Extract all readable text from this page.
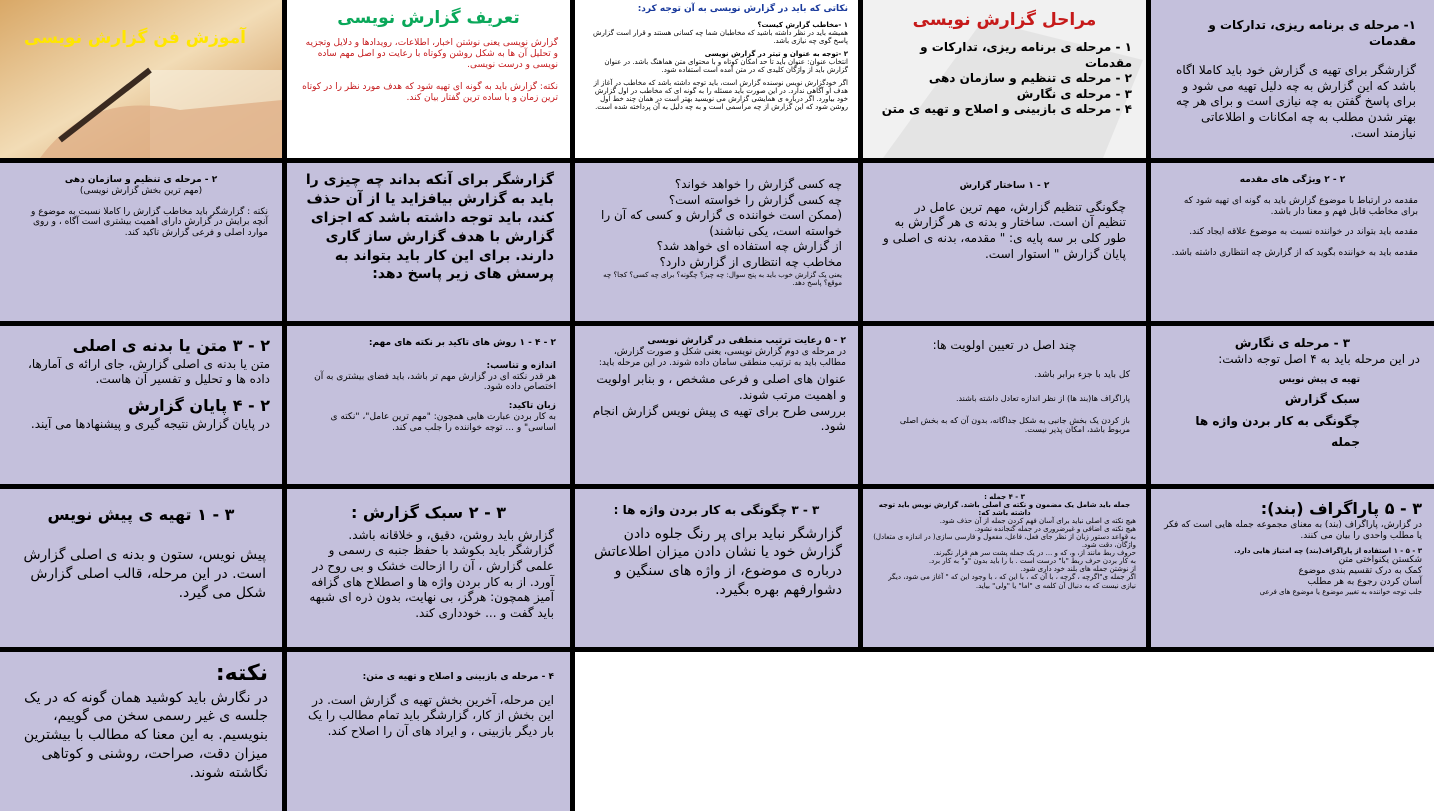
آموزش فن گزارش نویسی
تعریف گزارش نویسی

گزارش نویسی یعنی نوشتن اخبار، اطلاعات، رویدادها و دلایل وتجزیه و تحلیل آن ها به شکل روشن وکوتاه با رعایت دو اصل مهم ساده نویسی و درست نویسی.

نکته: گزارش باید به گونه ای تهیه شود که هدف مورد نظر را در کوتاه ترین زمان و با ساده ترین گفتار بیان کند.

نکاتی که باید در گزارش نویسی به آن توجه کرد:

۱ -مخاطب گزارش کیست؟

همیشه باید در نظر داشته باشید که مخاطبان شما چه کسانی هستند و قرار است گزارش پاسخ گوی چه نیازی باشد.

۲ -توجه به عنوان و تیتر در گزارش نویسی

انتخاب عنوان: عنوان باید تا حد امکان کوتاه و با محتوای متن هماهنگ باشد. در عنوان گزارش باید از واژگان کلیدی که در متن آمده است استفاده شود.

اگر خودگزارش نویس نوسنده گزارش است، باید توجه داشته باشد که مخاطب در آغاز از هدف او آگاهی ندارد. در این صورت باید مسئله را به گونه ای که مخاطب در اول گزارش خود بیاورد. اگر درباره ی همایشی گزارش می نویسید بهتر است در همان چند خط اول روشن شود که این گزارش از چه مراسمی است و به چه دلیل به آن پرداخته شده است.

مراحل گزارش نویسی

۱ - مرحله ی برنامه ریزی، تدارکات و مقدمات

۲ - مرحله ی تنظیم و سازمان دهی

۳ - مرحله ی نگارش

۴ - مرحله ی بازبینی و اصلاح و تهیه ی متن

۱- مرحله ی برنامه ریزی، تدارکات و مقدمات

گزارشگر برای تهیه ی گزارش خود باید کاملا اگاه باشد که این گزارش به چه دلیل تهیه می شود و برای پاسخ گفتن به چه نیازی است و برای هر چه بهتر شدن مطلب به چه امکانات و اطلاعاتی نیازمند است.

۲ - مرحله ی تنظیم و سازمان دهی

(مهم ترین بخش گزارش نویسی)

نکته : گزارشگر باید مخاطب گزارش را کاملا نسبت به موضوع و آنچه برایش در گزارش دارای اهمیت بیشتری است آگاه ، و روی موارد اصلی و فرعی گزارش تاکید کند.

گزارشگر برای آنکه بداند چه چیزی را باید به گزارش بیافزاید یا از آن حذف کند، باید توجه داشته باشد که اجزای گزارش با هدف گزارش ساز گاری دارند. برای این کار باید بتواند به پرسش های زیر پاسخ دهد:

چه کسی گزارش را خواهد خواند؟

چه کسی گزارش را خواسته است؟

(ممکن است خواننده ی گزارش و کسی که آن را خواسته است، یکی نباشند)

از گزارش چه استفاده ای خواهد شد؟

مخاطب چه انتظاری از گزارش دارد؟

یعنی یک گزارش خوب باید به پنج سوال: چه چیز؟ چگونه؟ برای چه کسی؟ کجا؟ چه موقع؟ پاسخ دهد.

۲ - ۱ ساختار گزارش

چگونگی تنظیم گزارش، مهم ترین عامل در تنظیم آن است. ساختار و بدنه ی هر گزارش به طور کلی بر سه پایه ی: " مقدمه، بدنه ی اصلی و پایان گزارش " استوار است.

۲ - ۲ ویژگی های مقدمه

مقدمه در ارتباط با موضوع گزارش باید به گونه ای تهیه شود که برای مخاطب قابل فهم و معنا دار باشد.

مقدمه باید بتواند در خواننده نسبت به موضوع علاقه ایجاد کند.

مقدمه باید به خواننده بگوید که از گزارش چه انتظاری داشته باشد.

۲ - ۳ متن یا بدنه ی اصلی

متن یا بدنه ی اصلی گزارش، جای ارائه ی آمارها، داده ها و تحلیل و تفسیر آن هاست.

۲ - ۴ پایان گزارش

در پایان گزارش نتیجه گیری و پیشنهادها می آیند.

۲ - ۴ - ۱ روش های تاکید بر نکته های مهم:

اندازه و تناسب:

هر قدر نکته ای در گزارش مهم تر باشد، باید فضای بیشتری به آن اختصاص داده شود.

زبان تاکید:

به کار بردن عبارت هایی همچون: "مهم ترین عامل"، "نکته ی اساسی" و ... توجه خواننده را جلب می کند.

۲ - ۵ رعایت ترتیب منطقی در گزارش نویسی

در مرحله ی دوم گزارش نویسی، یعنی شکل و صورت گزارش، مطالب باید به ترتیب منطقی سامان داده شوند. در این مرحله باید:

عنوان های اصلی و فرعی مشخص ، و بنابر اولویت و اهمیت مرتب شوند.

بررسی طرح برای تهیه ی پیش نویس گزارش انجام شود.

چند اصل در تعیین اولویت ها:

کل باید با جزء برابر باشد.

پاراگراف ها(بند ها) از نظر اندازه تعادل داشته باشند.

باز کردن یک بخش جانبی به شکل جداگانه، بدون آن که به بخش اصلی مربوط باشد، امکان پذیر نیست.

۳ - مرحله ی نگارش

در این مرحله باید به ۴ اصل توجه داشت:

تهیه ی پیش نویس

سبک گزارش

چگونگی به کار بردن واژه ها

جمله

۳ - ۱ تهیه ی پیش نویس

پیش نویس، ستون و بدنه ی اصلی گزارش است. در این مرحله، قالب اصلی گزارش شکل می گیرد.

۳ - ۲ سبک گزارش :

گزارش باید روشن، دقیق، و خلاقانه باشد. گزارشگر باید بکوشد با حفظ جنبه ی رسمی و علمی گزارش ، آن را ازحالت خشک و بی روح در آورد. از به کار بردن واژه ها و اصطلاح های گزافه آمیز همچون: هرگز، بی نهایت، بدون ذره ای شبهه باید گفت و ... خودداری کند.

۳ - ۳ چگونگی به کار بردن واژه ها :

گزارشگر نباید برای پر رنگ جلوه دادن گزارش خود یا نشان دادن میزان اطلاعاتش درباره ی موضوع، از واژه های سنگین و دشوارفهم بهره بگیرد.

۳ - ۴ جمله :

جمله باید شامل یک مضمون و نکته ی اصلی باشد. گزارش نویس باید توجه داشته باشد که:

هیچ نکته ی اصلی نباید برای آسان فهم کردن جمله از آن حذف شود.

هیچ نکته ی اضافی و غیرضروری در جمله گنجانده نشود.

به قواعد دستور زبان از نظر جای فعل، فاعل، مفعول و فارسی سازی( در اندازه ی متعادل) واژگان، دقت شود.

حروف ربط مانند از، و، که و ... در یک جمله پشت سر هم قرار نگیرند.

به کار بردن حرف ربط "با" درست است . با را باید بدون "و" به کار برد.

از نوشتن جمله های بلند خود داری شود.

اگر جمله ی"اگرچه ، گرچه ، با آن که ، با این که ، با وجود این که " آغاز می شود، دیگر نیازی نیست که به دنبال آن کلمه ی "اما" یا "ولی" بیاید.

۳ - ۵ پاراگراف (بند):

در گزارش، پاراگراف (بند) به معنای مجموعه جمله هایی است که فکر یا مطلب واحدی را بیان می کنند.

۳ - ۵ - ۱ استفاده از پاراگراف(بند) چه امتیاز هایی دارد.

شکستن یکنواختی متن

کمک به درک تقسیم بندی موضوع

آسان کردن رجوع به هر مطلب

جلب توجه خواننده به تغییر موضوع یا موضوع های فرعی

نکته:

در نگارش باید کوشید همان گونه که در یک جلسه ی غیر رسمی سخن می گوییم، بنویسیم. به این معنا که مطالب با بیشترین میزان دقت، صراحت، روشنی و کوتاهی نگاشته شوند.

۴ - مرحله ی بازبینی و اصلاح و تهیه ی متن:

این مرحله، آخرین بخش تهیه ی گزارش است. در این بخش از کار، گزارشگر باید تمام مطالب را یک بار دیگر بازبینی ، و ایراد های آن را اصلاح کند.
